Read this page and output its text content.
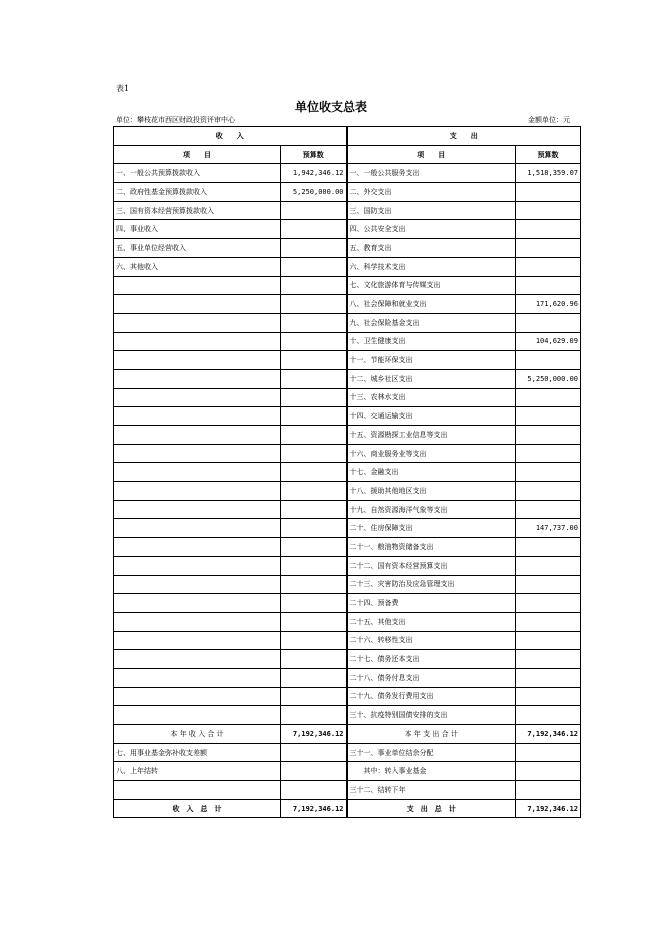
表1
单位收支总表
单位：攀枝花市西区财政投资评审中心	金额单位：元
收　　入		支　　出	
项　　目	预算数	项　　目	预算数
一、一般公共预算拨款收入	1,942,346.12	一、一般公共服务支出	1,518,359.07
二、政府性基金预算拨款收入	5,250,000.00	二、外交支出	
三、国有资本经营预算拨款收入		三、国防支出	
四、事业收入		四、公共安全支出	
五、事业单位经营收入		五、教育支出	
六、其他收入		六、科学技术支出	
		七、文化旅游体育与传媒支出	
		八、社会保障和就业支出	171,620.96
		九、社会保险基金支出	
		十、卫生健康支出	104,629.09
		十一、节能环保支出	
		十二、城乡社区支出	5,250,000.00
		十三、农林水支出	
		十四、交通运输支出	
		十五、资源勘探工业信息等支出	
		十六、商业服务业等支出	
		十七、金融支出	
		十八、援助其他地区支出	
		十九、自然资源海洋气象等支出	
		二十、住房保障支出	147,737.00
		二十一、粮油物资储备支出	
		二十二、国有资本经营预算支出	
		二十三、灾害防治及应急管理支出	
		二十四、预备费	
		二十五、其他支出	
		二十六、转移性支出	
		二十七、债务还本支出	
		二十八、债务付息支出	
		二十九、债务发行费用支出	
		三十、抗疫特别国债安排的支出	
本 年 收 入 合 计	7,192,346.12	本 年 支 出 合 计	7,192,346.12
七、用事业基金弥补收支差额		三十一、事业单位结余分配	
八、上年结转		　　其中：转入事业基金	
		三十二、结转下年	
收　入　总　计	7,192,346.12	支　出　总　计	7,192,346.12
